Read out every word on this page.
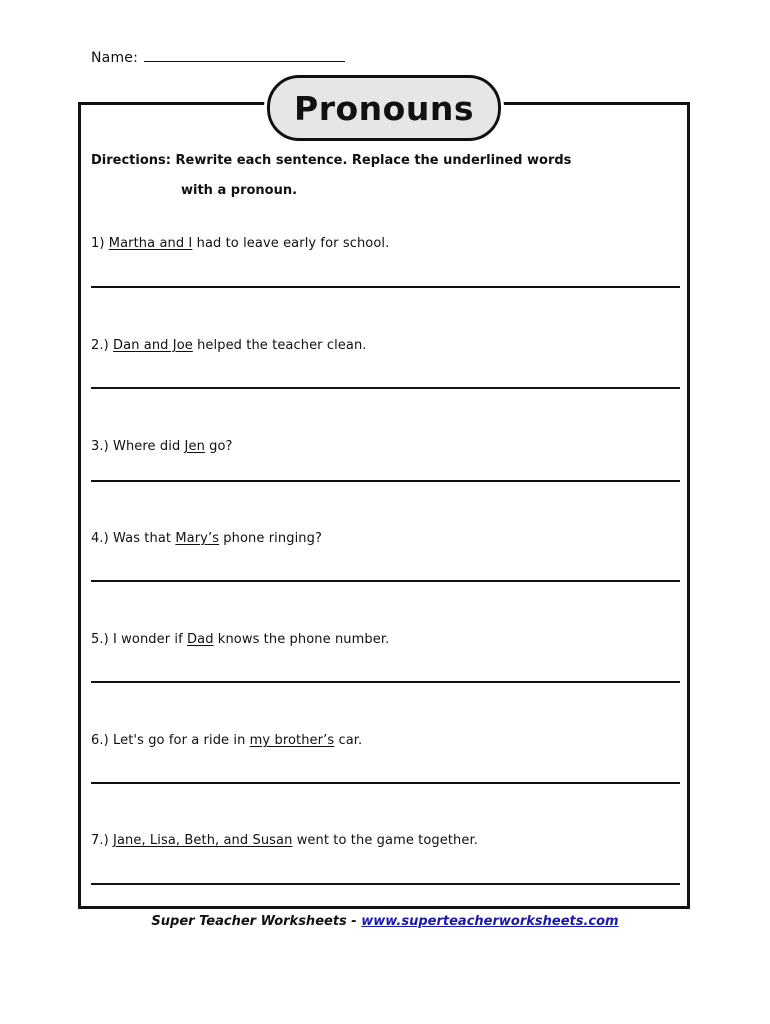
Name:
Pronouns
Directions: Rewrite each sentence. Replace the underlined words
with a pronoun.
1) Martha and I had to leave early for school.
2.) Dan and Joe helped the teacher clean.
3.) Where did Jen go?
4.) Was that Mary’s phone ringing?
5.) I wonder if Dad knows the phone number.
6.) Let's go for a ride in my brother’s car.
7.) Jane, Lisa, Beth, and Susan went to the game together.
Super Teacher Worksheets - www.superteacherworksheets.com
